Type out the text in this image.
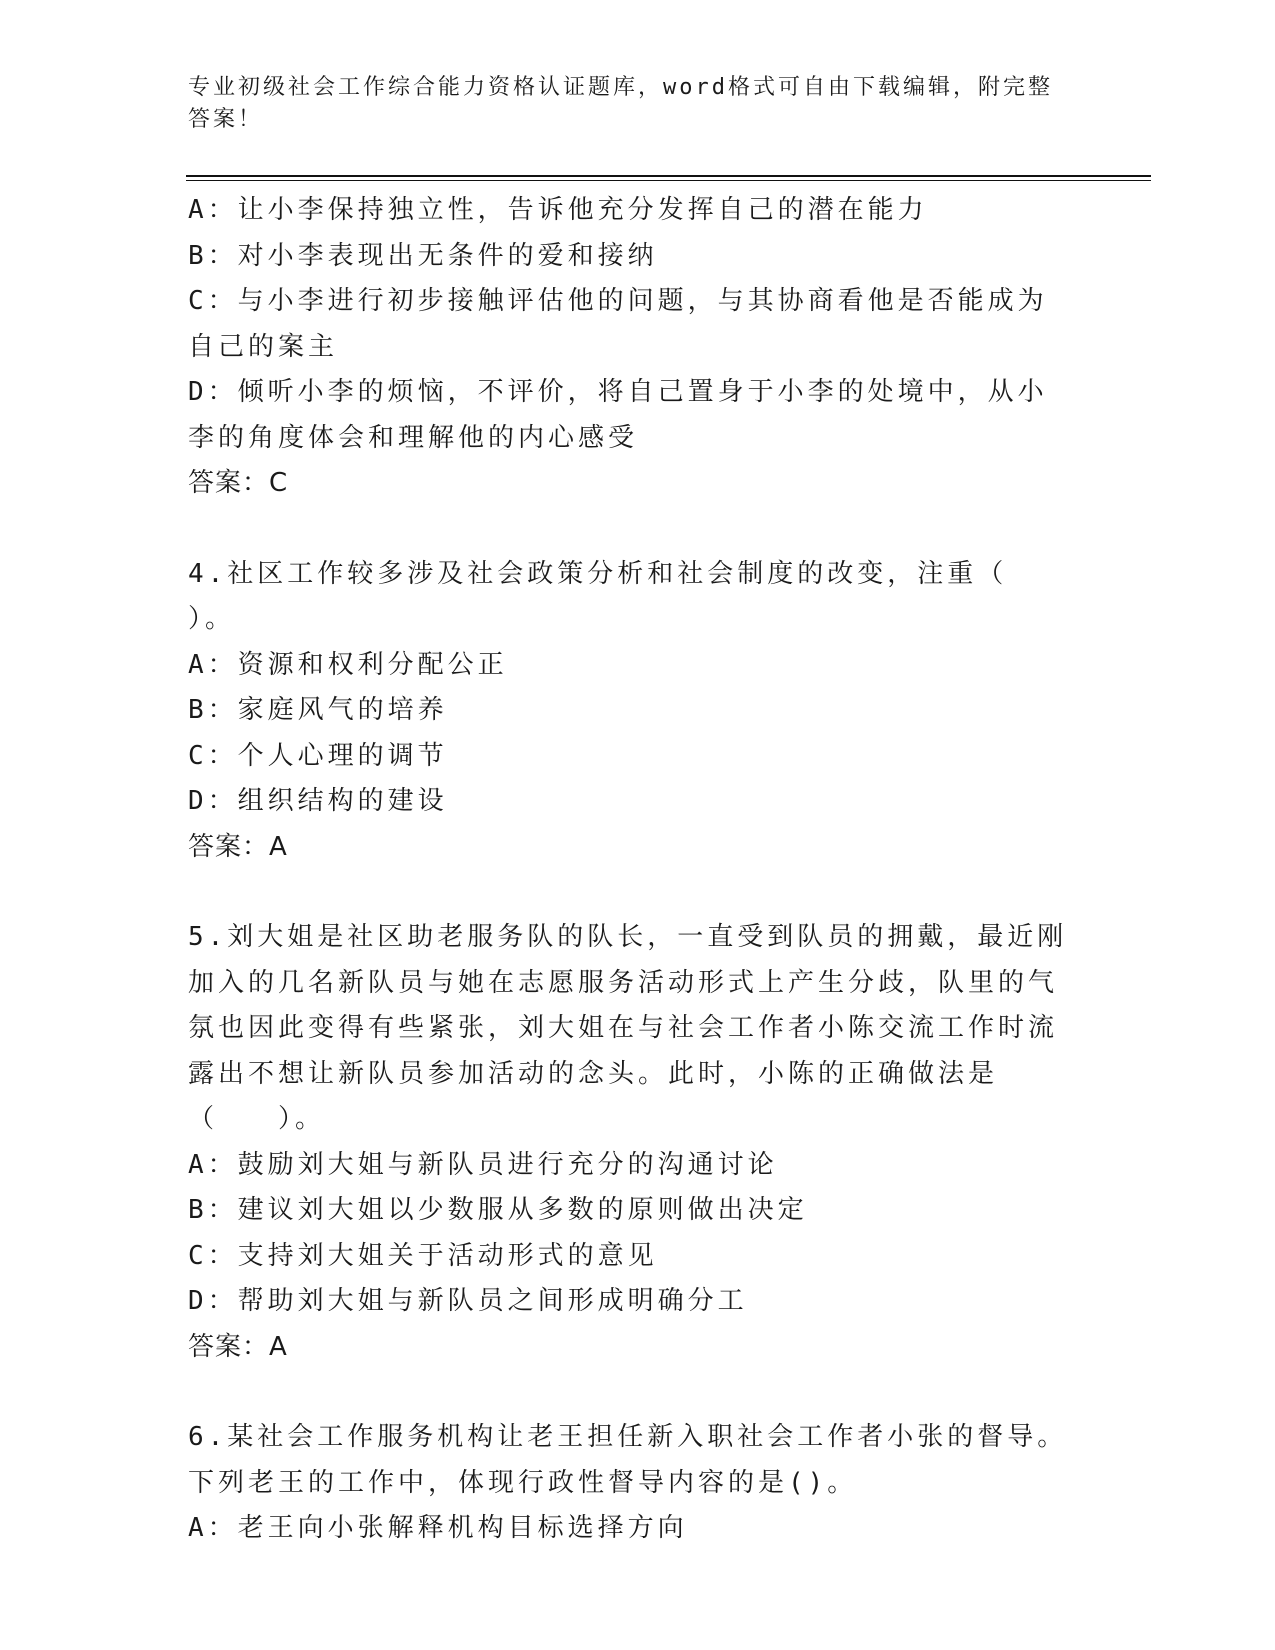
专业初级社会工作综合能力资格认证题库，word格式可自由下载编辑，附完整答案！
A：让小李保持独立性，告诉他充分发挥自己的潜在能力
B：对小李表现出无条件的爱和接纳
C：与小李进行初步接触评估他的问题，与其协商看他是否能成为自己的案主
D：倾听小李的烦恼，不评价，将自己置身于小李的处境中，从小李的角度体会和理解他的内心感受
答案：C
4.社区工作较多涉及社会政策分析和社会制度的改变，注重（ ）。
A：资源和权利分配公正
B：家庭风气的培养
C：个人心理的调节
D：组织结构的建设
答案：A
5.刘大姐是社区助老服务队的队长，一直受到队员的拥戴，最近刚加入的几名新队员与她在志愿服务活动形式上产生分歧，队里的气氛也因此变得有些紧张，刘大姐在与社会工作者小陈交流工作时流露出不想让新队员参加活动的念头。此时，小陈的正确做法是（　　）。
A：鼓励刘大姐与新队员进行充分的沟通讨论
B：建议刘大姐以少数服从多数的原则做出决定
C：支持刘大姐关于活动形式的意见
D：帮助刘大姐与新队员之间形成明确分工
答案：A
6.某社会工作服务机构让老王担任新入职社会工作者小张的督导。下列老王的工作中，体现行政性督导内容的是()。
A：老王向小张解释机构目标选择方向
